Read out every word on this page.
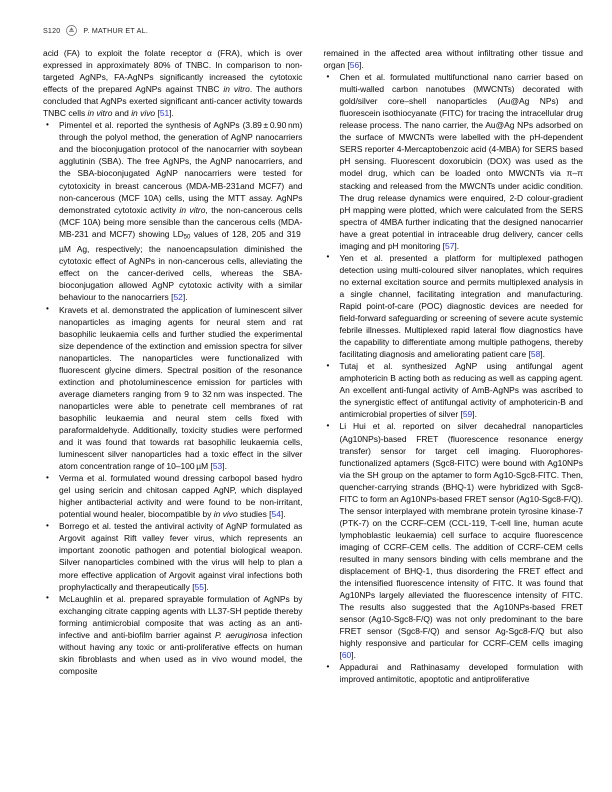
S120	P. MATHUR ET AL.

acid (FA) to exploit the folate receptor α (FRA), which is over expressed in approximately 80% of TNBC. In comparison to non-targeted AgNPs, FA-AgNPs significantly increased the cytotoxic effects of the prepared AgNPs against TNBC in vitro. The authors concluded that AgNPs exerted significant anti-cancer activity towards TNBC cells in vitro and in vivo [51].

• Pimentel et al. reported the synthesis of AgNPs (3.89 ± 0.90 nm) through the polyol method, the generation of AgNP nanocarriers and the bioconjugation protocol of the nanocarrier with soybean agglutinin (SBA). The free AgNPs, the AgNP nanocarriers, and the SBA-bioconjugated AgNP nanocarriers were tested for cytotoxicity in breast cancerous (MDA-MB-231and MCF7) and non-cancerous (MCF 10A) cells, using the MTT assay. AgNPs demonstrated cytotoxic activity in vitro, the non-cancerous cells (MCF 10A) being more sensible than the cancerous cells (MDA-MB-231 and MCF7) showing $LD_{50}$ values of 128, 205 and 319 µM Ag, respectively; the nanoencapsulation diminished the cytotoxic effect of AgNPs in non-cancerous cells, alleviating the effect on the cancer-derived cells, whereas the SBA-bioconjugation allowed AgNP cytotoxic activity with a similar behaviour to the nanocarriers [52].
• Kravets et al. demonstrated the application of luminescent silver nanoparticles as imaging agents for neural stem and rat basophilic leukaemia cells and further studied the experimental size dependence of the extinction and emission spectra for silver nanoparticles. The nanoparticles were functionalized with fluorescent glycine dimers. Spectral position of the resonance extinction and photoluminescence emission for particles with average diameters ranging from 9 to 32 nm was inspected. The nanoparticles were able to penetrate cell membranes of rat basophilic leukaemia and neural stem cells fixed with paraformaldehyde. Additionally, toxicity studies were performed and it was found that towards rat basophilic leukaemia cells, luminescent silver nanoparticles had a toxic effect in the silver atom concentration range of 10–100 µM [53].
• Verma et al. formulated wound dressing carbopol based hydro gel using sericin and chitosan capped AgNP, which displayed higher antibacterial activity and were found to be non-irritant, potential wound healer, biocompatible by in vivo studies [54].
• Borrego et al. tested the antiviral activity of AgNP formulated as Argovit against Rift valley fever virus, which represents an important zoonotic pathogen and potential biological weapon. Silver nanoparticles combined with the virus will help to plan a more effective application of Argovit against viral infections both prophylactically and therapeutically [55].
• McLaughlin et al. prepared sprayable formulation of AgNPs by exchanging citrate capping agents with LL37-SH peptide thereby forming antimicrobial composite that was acting as an anti-infective and anti-biofilm barrier against P. aeruginosa infection without having any toxic or anti-proliferative effects on human skin fibroblasts and when used as in vivo wound model, the composite

remained in the affected area without infiltrating other tissue and organ [56].

• Chen et al. formulated multifunctional nano carrier based on multi-walled carbon nanotubes (MWCNTs) decorated with gold/silver core–shell nanoparticles (Au@Ag NPs) and fluorescein isothiocyanate (FITC) for tracing the intracellular drug release process. The nano carrier, the Au@Ag NPs adsorbed on the surface of MWCNTs were labelled with the pH-dependent SERS reporter 4-Mercaptobenzoic acid (4-MBA) for SERS based pH sensing. Fluorescent doxorubicin (DOX) was used as the model drug, which can be loaded onto MWCNTs via π–π stacking and released from the MWCNTs under acidic condition. The drug release dynamics were enquired, 2-D colour-gradient pH mapping were plotted, which were calculated from the SERS spectra of 4MBA further indicating that the designed nanocarrier have a great potential in intraceable drug delivery, cancer cells imaging and pH monitoring [57].
• Yen et al. presented a platform for multiplexed pathogen detection using multi-coloured silver nanoplates, which requires no external excitation source and permits multiplexed analysis in a single channel, facilitating integration and manufacturing. Rapid point-of-care (POC) diagnostic devices are needed for field-forward safeguarding or screening of severe acute systemic febrile illnesses. Multiplexed rapid lateral flow diagnostics have the capability to differentiate among multiple pathogens, thereby facilitating diagnosis and ameliorating patient care [58].
• Tutaj et al. synthesized AgNP using antifungal agent amphotericin B acting both as reducing as well as capping agent. An excellent anti-fungal activity of AmB-AgNPs was ascribed to the synergistic effect of antifungal activity of amphotericin-B and antimicrobial properties of silver [59].
• Li Hui et al. reported on silver decahedral nanoparticles (Ag10NPs)-based FRET (fluorescence resonance energy transfer) sensor for target cell imaging. Fluorophores-functionalized aptamers (Sgc8-FITC) were bound with Ag10NPs via the SH group on the aptamer to form Ag10-Sgc8-FITC. Then, quencher-carrying strands (BHQ-1) were hybridized with Sgc8-FITC to form an Ag10NPs-based FRET sensor (Ag10-Sgc8-F/Q). The sensor interplayed with membrane protein tyrosine kinase-7 (PTK-7) on the CCRF-CEM (CCL-119, T-cell line, human acute lymphoblastic leukaemia) cell surface to acquire fluorescence imaging of CCRF-CEM cells. The addition of CCRF-CEM cells resulted in many sensors binding with cells membrane and the displacement of BHQ-1, thus disordering the FRET effect and the intensified fluorescence intensity of FITC. It was found that Ag10NPs largely alleviated the fluorescence intensity of FITC. The results also suggested that the Ag10NPs-based FRET sensor (Ag10-Sgc8-F/Q) was not only predominant to the bare FRET sensor (Sgc8-F/Q) and sensor Ag-Sgc8-F/Q but also highly responsive and particular for CCRF-CEM cells imaging [60].
• Appadurai and Rathinasamy developed formulation with improved antimitotic, apoptotic and antiproliferative
